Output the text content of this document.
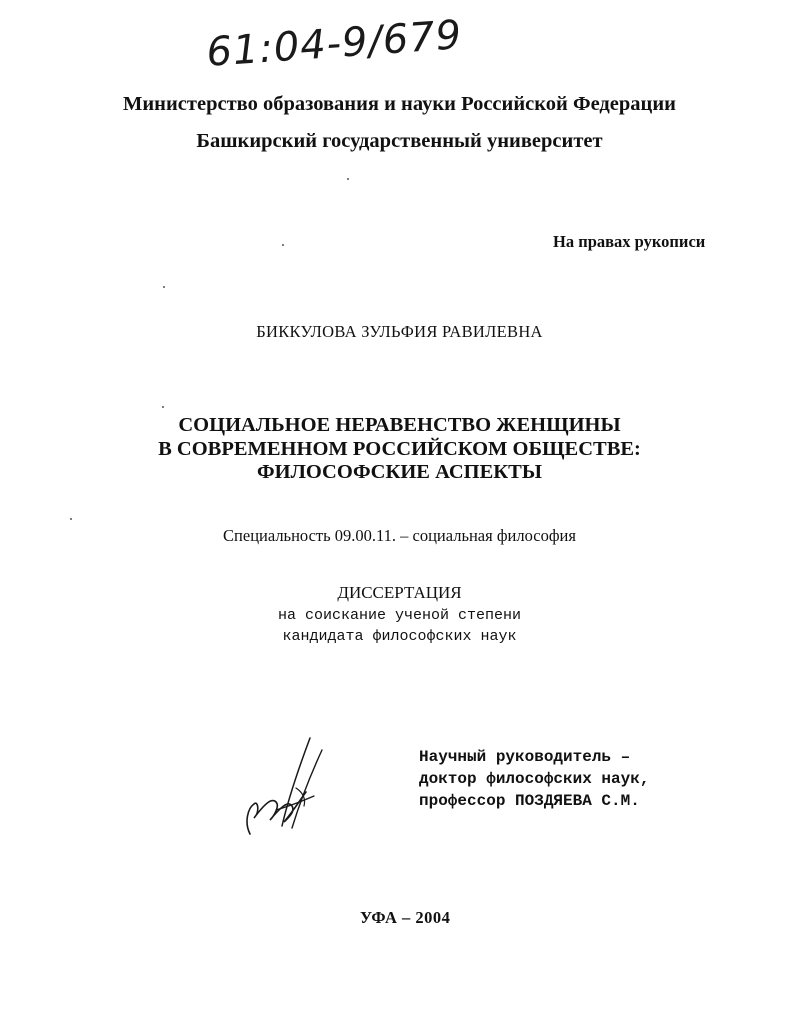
61:04-9/679
Министерство образования и науки Российской Федерации
Башкирский государственный университет
На правах рукописи
БИККУЛОВА ЗУЛЬФИЯ РАВИЛЕВНА
СОЦИАЛЬНОЕ НЕРАВЕНСТВО ЖЕНЩИНЫ
В СОВРЕМЕННОМ РОССИЙСКОМ ОБЩЕСТВЕ:
ФИЛОСОФСКИЕ АСПЕКТЫ
Специальность 09.00.11. – социальная философия
ДИССЕРТАЦИЯ
на соискание ученой степени
кандидата философских наук
Научный руководитель –
доктор философских наук,
профессор ПОЗДЯЕВА С.М.
УФА – 2004
